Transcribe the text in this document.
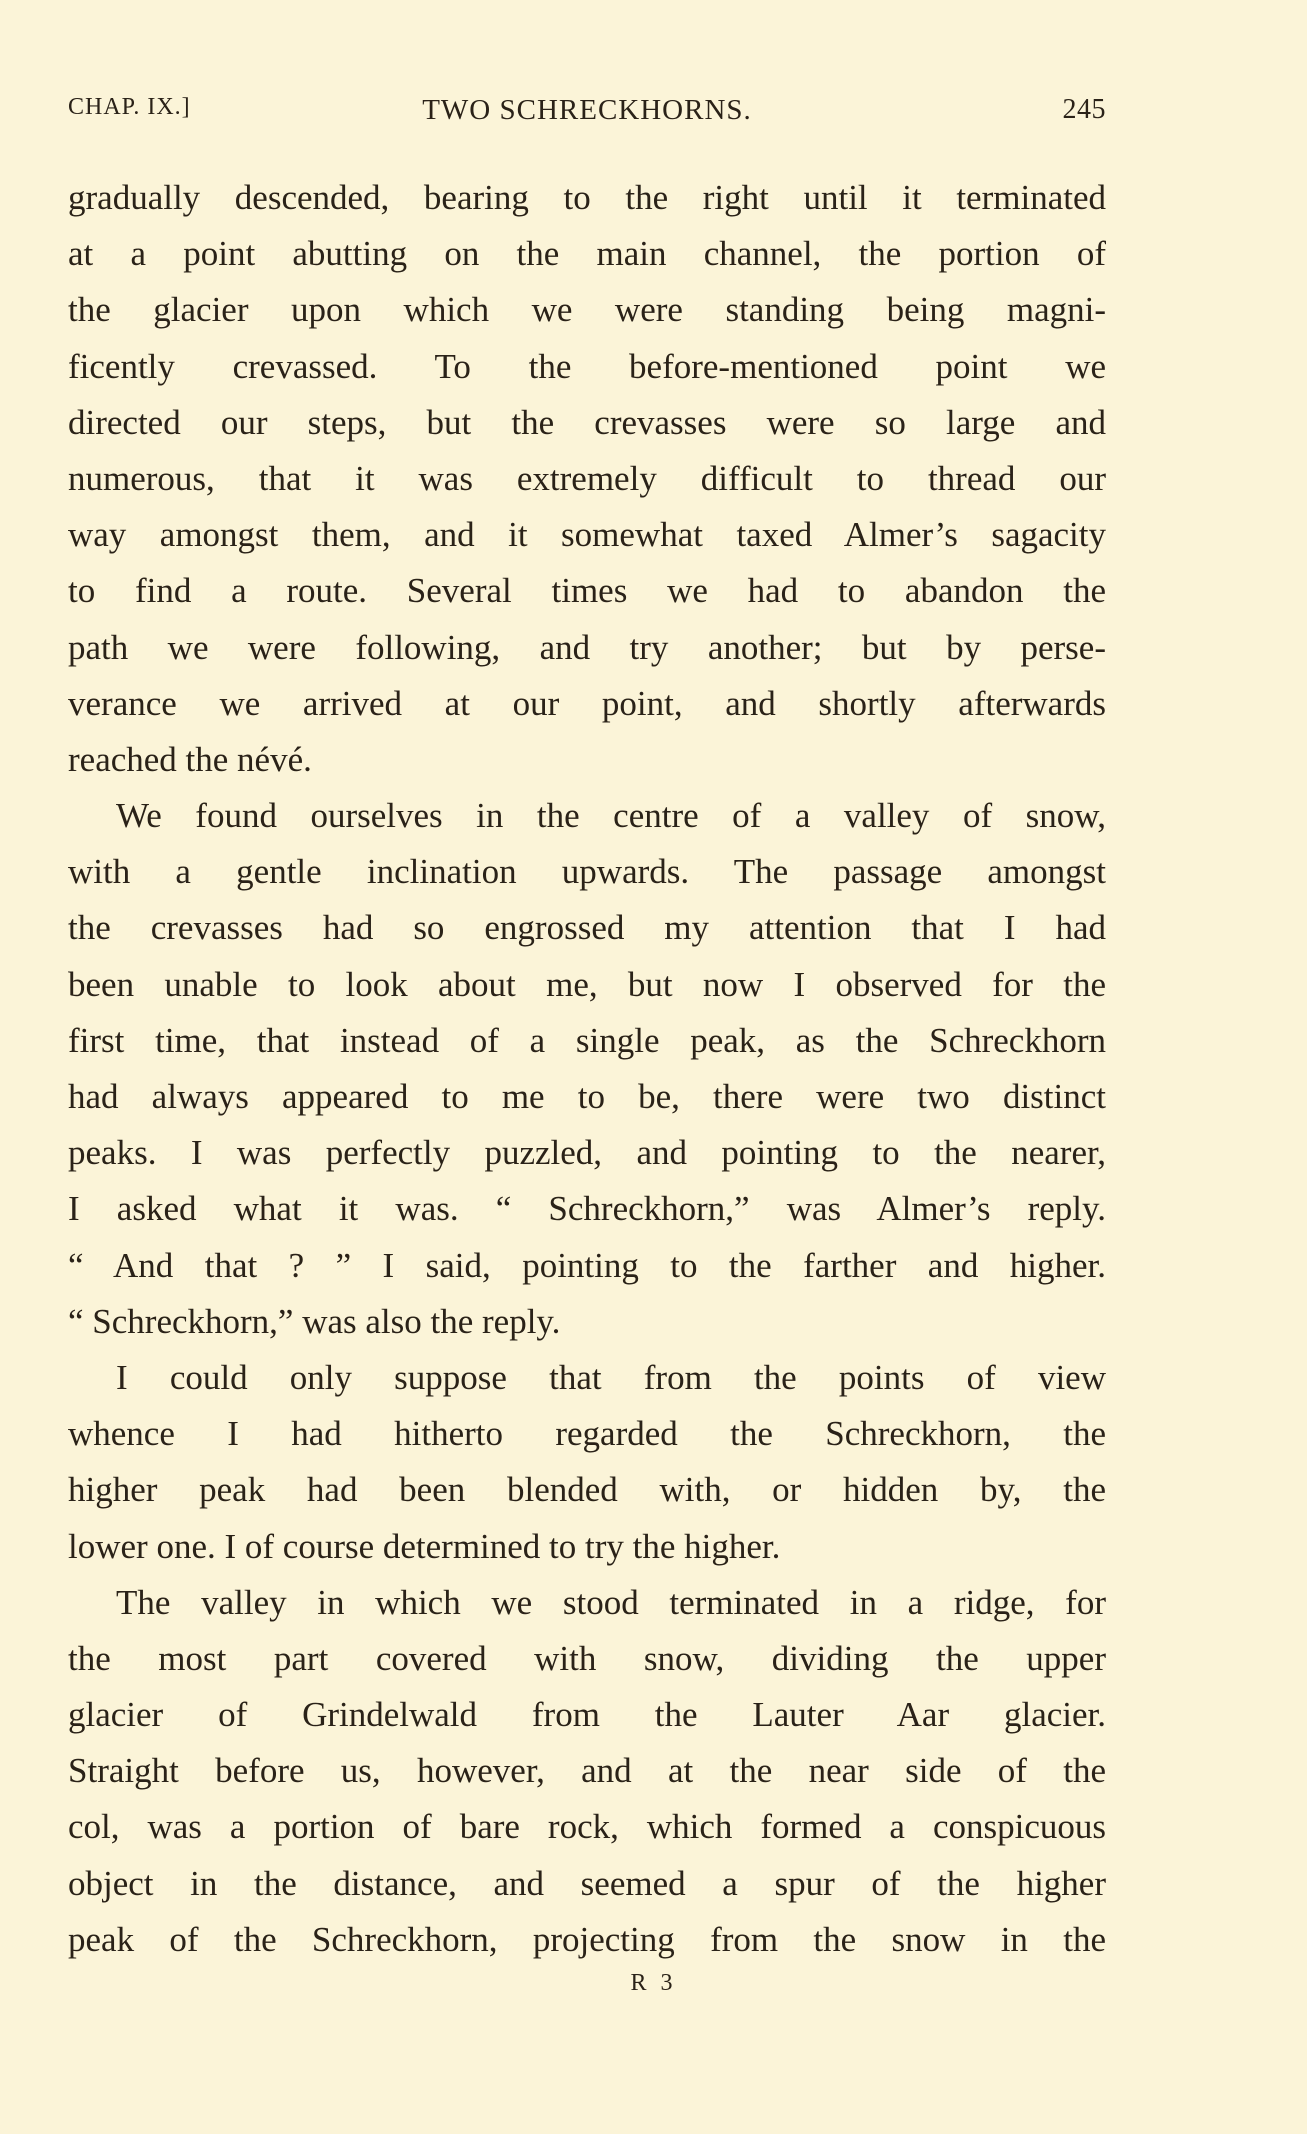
CHAP. IX.]	TWO SCHRECKHORNS.	245
gradually descended, bearing to the right until it terminated
at a point abutting on the main channel, the portion of
the glacier upon which we were standing being magni-
ficently crevassed. To the before-mentioned point we
directed our steps, but the crevasses were so large and
numerous, that it was extremely difficult to thread our
way amongst them, and it somewhat taxed Almer’s sagacity
to find a route. Several times we had to abandon the
path we were following, and try another; but by perse-
verance we arrived at our point, and shortly afterwards
reached the névé.
We found ourselves in the centre of a valley of snow,
with a gentle inclination upwards. The passage amongst
the crevasses had so engrossed my attention that I had
been unable to look about me, but now I observed for the
first time, that instead of a single peak, as the Schreckhorn
had always appeared to me to be, there were two distinct
peaks. I was perfectly puzzled, and pointing to the nearer,
I asked what it was. “ Schreckhorn,” was Almer’s reply.
“ And that ? ” I said, pointing to the farther and higher.
“ Schreckhorn,” was also the reply.
I could only suppose that from the points of view
whence I had hitherto regarded the Schreckhorn, the
higher peak had been blended with, or hidden by, the
lower one. I of course determined to try the higher.
The valley in which we stood terminated in a ridge, for
the most part covered with snow, dividing the upper
glacier of Grindelwald from the Lauter Aar glacier.
Straight before us, however, and at the near side of the
col, was a portion of bare rock, which formed a conspicuous
object in the distance, and seemed a spur of the higher
peak of the Schreckhorn, projecting from the snow in the
R 3
